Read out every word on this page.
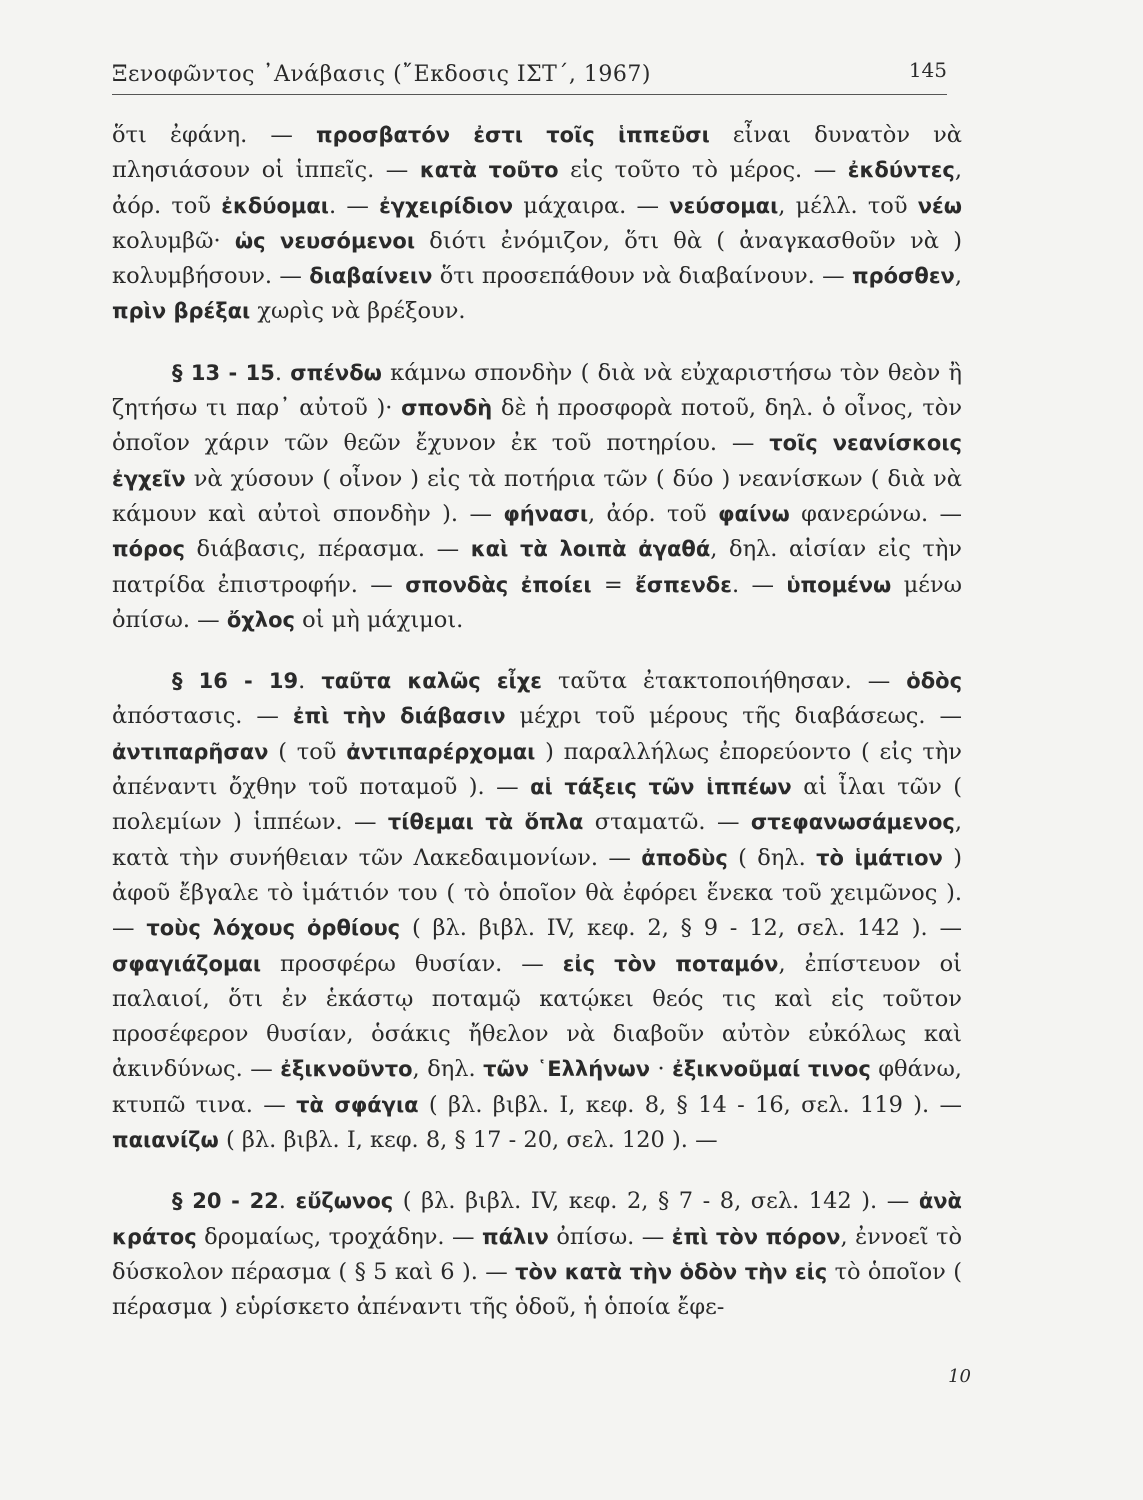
Ξενοφῶντος ᾿Ανάβασις (῎Εκδοσις ΙΣΤ΄, 1967)	145

ὅτι ἐφάνη. — προσβατόν ἐστι τοῖς ἱππεῦσι εἶναι δυνατὸν νὰ πλησιάσουν οἱ ἱππεῖς. — κατὰ τοῦτο εἰς τοῦτο τὸ μέρος. — ἐκδύντες, ἀόρ. τοῦ ἐκδύομαι. — ἐγχειρίδιον μάχαιρα. — νεύσομαι, μέλλ. τοῦ νέω κολυμβῶ· ὡς νευσόμενοι διότι ἐνόμιζον, ὅτι θὰ ( ἀναγκασθοῦν νὰ ) κολυμβήσουν. — διαβαίνειν ὅτι προσεπάθουν νὰ διαβαίνουν. — πρόσθεν, πρὶν βρέξαι χωρὶς νὰ βρέξουν.

§ 13 - 15. σπένδω κάμνω σπονδὴν ( διὰ νὰ εὐχαριστήσω τὸν θεὸν ἢ ζητήσω τι παρ᾿ αὐτοῦ )· σπονδὴ δὲ ἡ προσφορὰ ποτοῦ, δηλ. ὁ οἶνος, τὸν ὁποῖον χάριν τῶν θεῶν ἔχυνον ἐκ τοῦ ποτηρίου. — τοῖς νεανίσκοις ἐγχεῖν νὰ χύσουν ( οἶνον ) εἰς τὰ ποτήρια τῶν ( δύο ) νεανίσκων ( διὰ νὰ κάμουν καὶ αὐτοὶ σπονδὴν ). — φήνασι, ἀόρ. τοῦ φαίνω φανερώνω. — πόρος διάβασις, πέρασμα. — καὶ τὰ λοιπὰ ἀγαθά, δηλ. αἰσίαν εἰς τὴν πατρίδα ἐπιστροφήν. — σπονδὰς ἐποίει = ἔσπενδε. — ὑπομένω μένω ὀπίσω. — ὄχλος οἱ μὴ μάχιμοι.

§ 16 - 19. ταῦτα καλῶς εἶχε ταῦτα ἐτακτοποιήθησαν. — ὁδὸς ἀπόστασις. — ἐπὶ τὴν διάβασιν μέχρι τοῦ μέρους τῆς διαβάσεως. — ἀντιπαρῆσαν ( τοῦ ἀντιπαρέρχομαι ) παραλλήλως ἐπορεύοντο ( εἰς τὴν ἀπέναντι ὄχθην τοῦ ποταμοῦ ). — αἱ τάξεις τῶν ἱππέων αἱ ἶλαι τῶν ( πολεμίων ) ἱππέων. — τίθεμαι τὰ ὅπλα σταματῶ. — στεφανωσάμενος, κατὰ τὴν συνήθειαν τῶν Λακεδαιμονίων. — ἀποδὺς ( δηλ. τὸ ἱμάτιον ) ἀφοῦ ἔβγαλε τὸ ἱμάτιόν του ( τὸ ὁποῖον θὰ ἐφόρει ἕνεκα τοῦ χειμῶνος ). — τοὺς λόχους ὀρθίους ( βλ. βιβλ. IV, κεφ. 2, § 9 - 12, σελ. 142 ). — σφαγιάζομαι προσφέρω θυσίαν. — εἰς τὸν ποταμόν, ἐπίστευον οἱ παλαιοί, ὅτι ἐν ἑκάστῳ ποταμῷ κατῴκει θεός τις καὶ εἰς τοῦτον προσέφερον θυσίαν, ὁσάκις ἤθελον νὰ διαβοῦν αὐτὸν εὐκόλως καὶ ἀκινδύνως. — ἐξικνοῦντο, δηλ. τῶν ῾Ελλήνων · ἐξικνοῦμαί τινος φθάνω, κτυπῶ τινα. — τὰ σφάγια ( βλ. βιβλ. I, κεφ. 8, § 14 - 16, σελ. 119 ). — παιανίζω ( βλ. βιβλ. I, κεφ. 8, § 17 - 20, σελ. 120 ). —

§ 20 - 22. εὔζωνος ( βλ. βιβλ. IV, κεφ. 2, § 7 - 8, σελ. 142 ). — ἀνὰ κράτος δρομαίως, τροχάδην. — πάλιν ὀπίσω. — ἐπὶ τὸν πόρον, ἐννοεῖ τὸ δύσκολον πέρασμα ( § 5 καὶ 6 ). — τὸν κατὰ τὴν ὁδὸν τὴν εἰς τὸ ὁποῖον ( πέρασμα ) εὑρίσκετο ἀπέναντι τῆς ὁδοῦ, ἡ ὁποία ἔφε-

10
